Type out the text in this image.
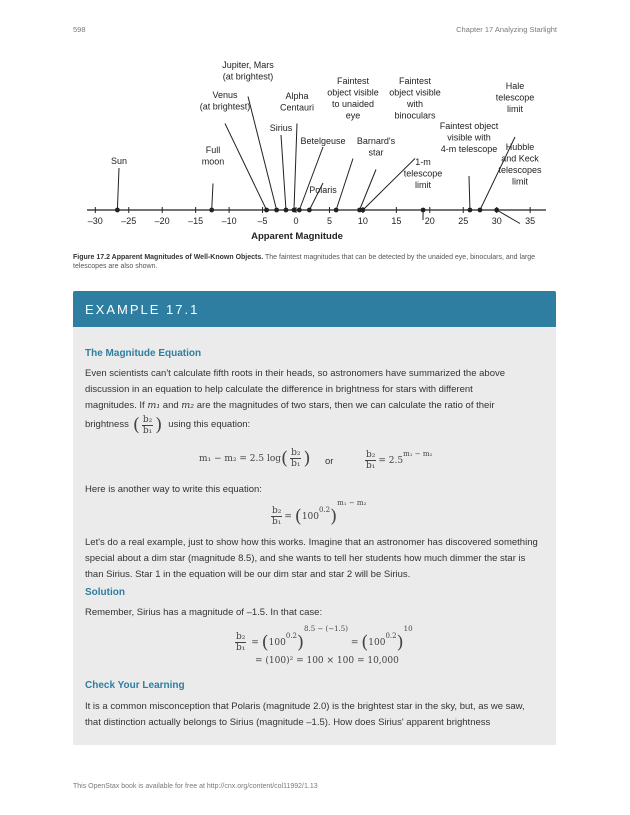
598	Chapter 17 Analyzing Starlight
–30 –25 –20 –15 –10 –5	0	5	10	15	20	25	30	35
Sun
Full moon
Venus (at brightest)
Jupiter, Mars (at brightest)
Sirius
Alpha Centauri
Betelgeuse
Polaris
Faintest object visible to unaided eye
Barnard's star
Faintest object visible with binoculars
1-m telescope limit
Faintest object visible with 4-m telescope
Hale telescope limit
Hubble and Keck telescopes limit
Apparent Magnitude
Figure 17.2 Apparent Magnitudes of Well-Known Objects. The faintest magnitudes that can be detected by the unaided eye, binoculars, and large telescopes are also shown.
EXAMPLE 17.1
The Magnitude Equation
Even scientists can't calculate fifth roots in their heads, so astronomers have summarized the above discussion in an equation to help calculate the difference in brightness for stars with different
magnitudes. If m₁ and m₂ are the magnitudes of two stars, then we can calculate the ratio of their
brightness ( $\frac{\text{b₂}}{\text{b₁}}$ ) using this equation:
m₁ − m₂ = 2.5 $\log( \frac{\text{b₂}}{\text{b₁}}$ ) or	$\frac{\text{b₂}}{\text{b₁}} = 2.5^{m_1 - m_2}$
Here is another way to write this equation:
$\frac{\text{b₂}}{\text{b₁}} = (100^{0.2})^{m_1 - m_2}$
Let's do a real example, just to show how this works. Imagine that an astronomer has discovered something special about a dim star (magnitude 8.5), and she wants to tell her students how much dimmer the star is than Sirius. Star 1 in the equation will be our dim star and star 2 will be Sirius.
Solution
Remember, Sirius has a magnitude of –1.5. In that case:
$\frac{\text{b₂}}{\text{b₁}} = (100^{0.2})^{8.5 - (-1.5)} = (100^{0.2})^{10}$
= (100)² = 100 × 100 = 10,000
Check Your Learning
It is a common misconception that Polaris (magnitude 2.0) is the brightest star in the sky, but, as we saw, that distinction actually belongs to Sirius (magnitude –1.5). How does Sirius' apparent brightness
This OpenStax book is available for free at http://cnx.org/content/col11992/1.13
